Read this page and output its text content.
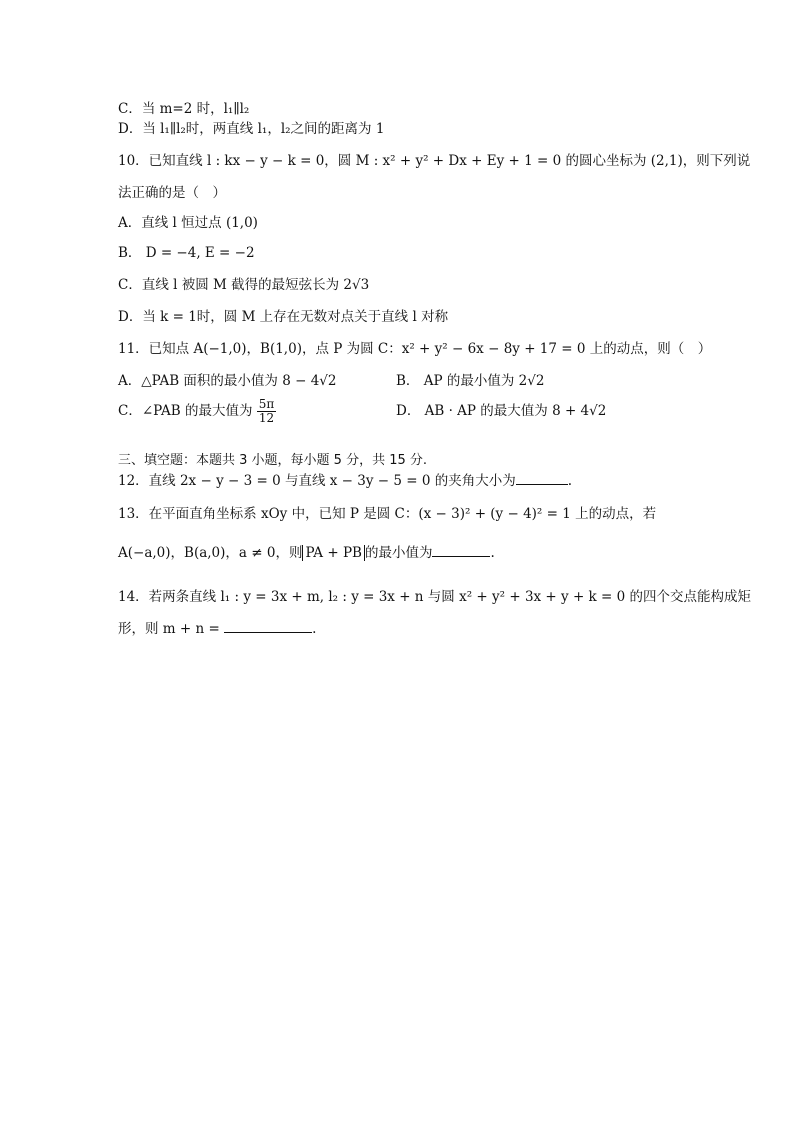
C．当 m=2 时，l₁∥l₂
D．当 l₁∥l₂时，两直线 l₁，l₂之间的距离为 1
10．已知直线 l : kx − y − k = 0，圆 M : x² + y² + Dx + Ey + 1 = 0 的圆心坐标为 (2,1)，则下列说
法正确的是（　）
A．直线 l 恒过点 (1,0)
B． D = −4, E = −2
C．直线 l 被圆 M 截得的最短弦长为 2√3
D．当 k = 1时，圆 M 上存在无数对点关于直线 l 对称
11．已知点 A(−1,0)，B(1,0)，点 P 为圆 C：x² + y² − 6x − 8y + 17 = 0 上的动点，则（　）
A．△PAB 面积的最小值为 8 − 4√2	B． AP 的最小值为 2√2
C．∠PAB 的最大值为 $\frac{5\pi}{12}$	D． AB · AP 的最大值为 8 + 4√2
三、填空题：本题共 3 小题，每小题 5 分，共 15 分.
12．直线 2x − y − 3 = 0 与直线 x − 3y − 5 = 0 的夹角大小为	.
13．在平面直角坐标系 xOy 中，已知 P 是圆 C：(x − 3)² + (y − 4)² = 1 上的动点，若
A(−a,0)，B(a,0)，a ≠ 0，则 PA + PB 的最小值为	.
14．若两条直线 l₁ : y = 3x + m, l₂ : y = 3x + n 与圆 x² + y² + 3x + y + k = 0 的四个交点能构成矩
形，则 m + n =	.
